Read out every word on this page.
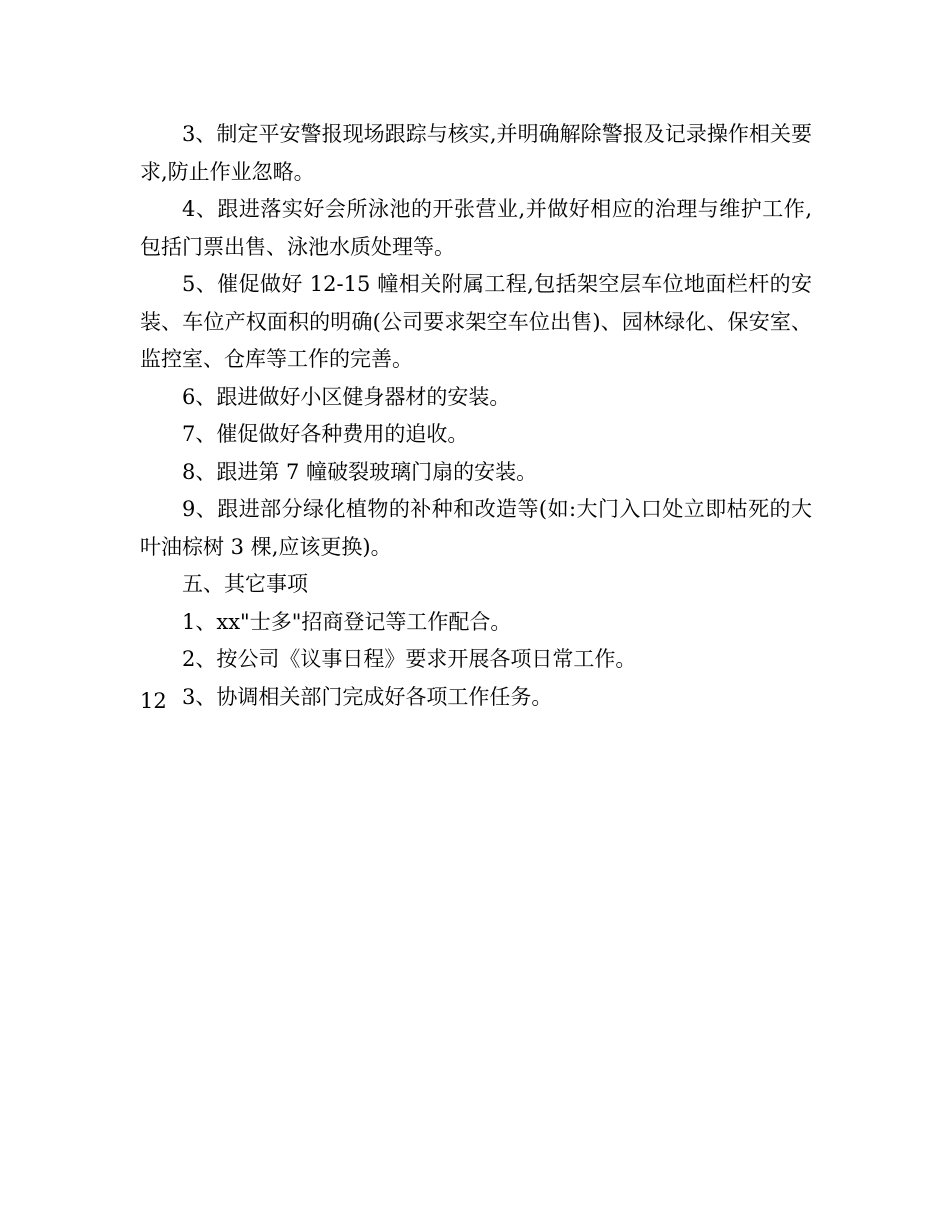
3、制定平安警报现场跟踪与核实,并明确解除警报及记录操作相关要求,防止作业忽略。

4、跟进落实好会所泳池的开张营业,并做好相应的治理与维护工作,包括门票出售、泳池水质处理等。

5、催促做好 12-15 幢相关附属工程,包括架空层车位地面栏杆的安装、车位产权面积的明确(公司要求架空车位出售)、园林绿化、保安室、监控室、仓库等工作的完善。

6、跟进做好小区健身器材的安装。

7、催促做好各种费用的追收。

8、跟进第 7 幢破裂玻璃门扇的安装。

9、跟进部分绿化植物的补种和改造等(如:大门入口处立即枯死的大叶油棕树 3 棵,应该更换)。

五、其它事项

1、xx"士多"招商登记等工作配合。

2、按公司《议事日程》要求开展各项日常工作。

3、协调相关部门完成好各项工作任务。

12
